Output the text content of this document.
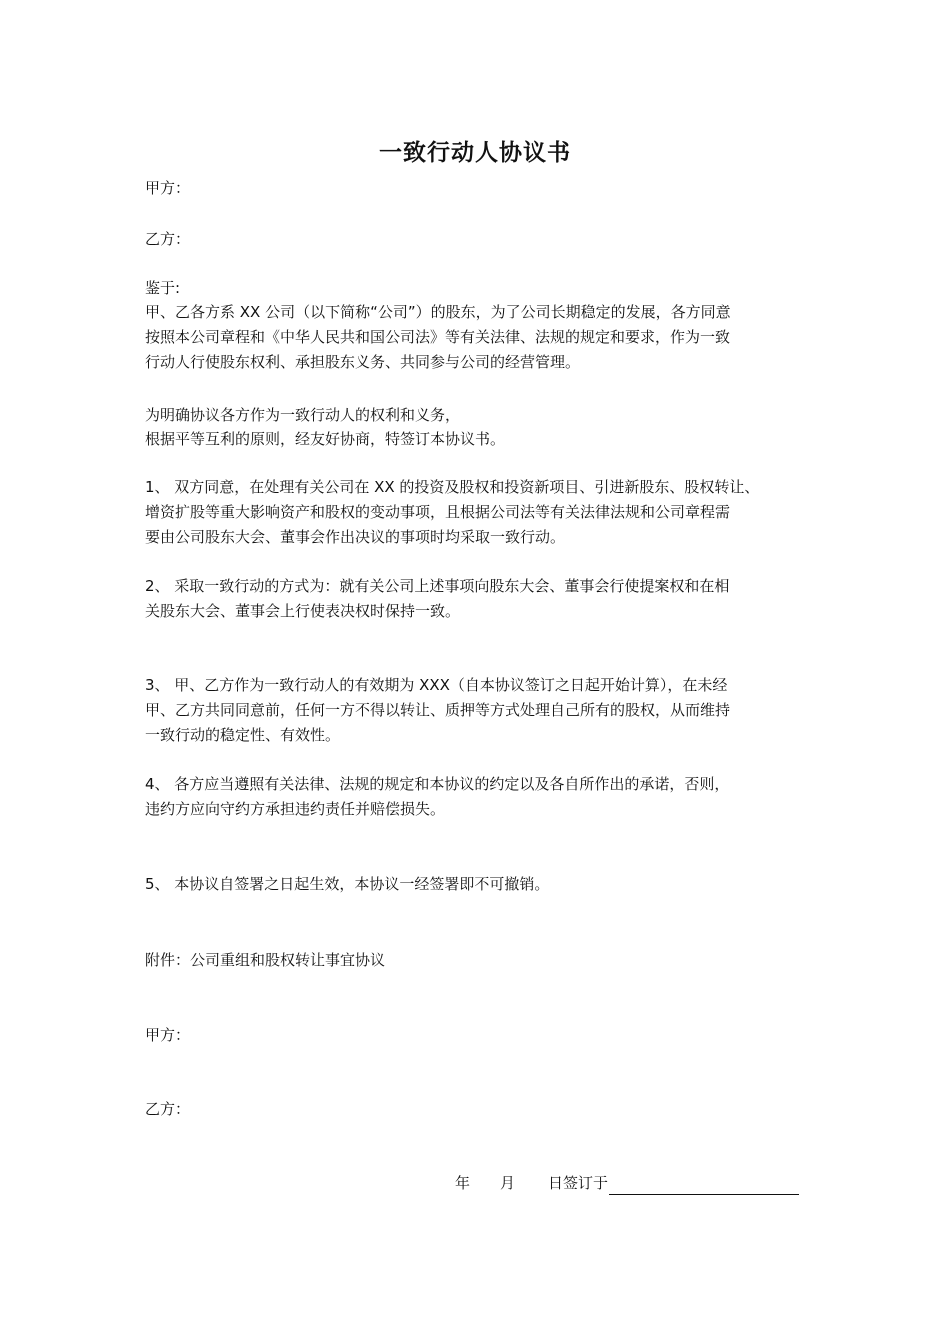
一致行动人协议书
甲方：
乙方：
鉴于:
甲、乙各方系 XX 公司（以下简称“公司”）的股东，为了公司长期稳定的发展，各方同意
按照本公司章程和《中华人民共和国公司法》等有关法律、法规的规定和要求，作为一致
行动人行使股东权利、承担股东义务、共同参与公司的经营管理。
为明确协议各方作为一致行动人的权利和义务，
根据平等互利的原则，经友好协商，特签订本协议书。
1、 双方同意，在处理有关公司在 XX 的投资及股权和投资新项目、引进新股东、股权转让、
增资扩股等重大影响资产和股权的变动事项，且根据公司法等有关法律法规和公司章程需
要由公司股东大会、董事会作出决议的事项时均采取一致行动。
2、 采取一致行动的方式为：就有关公司上述事项向股东大会、董事会行使提案权和在相
关股东大会、董事会上行使表决权时保持一致。
3、 甲、乙方作为一致行动人的有效期为 XXX（自本协议签订之日起开始计算），在未经
甲、乙方共同同意前，任何一方不得以转让、质押等方式处理自己所有的股权，从而维持
一致行动的稳定性、有效性。
4、 各方应当遵照有关法律、法规的规定和本协议的约定以及各自所作出的承诺，否则，
违约方应向守约方承担违约责任并赔偿损失。
5、 本协议自签署之日起生效，本协议一经签署即不可撤销。
附件：公司重组和股权转让事宜协议
甲方：
乙方：
年 月 日签订于
